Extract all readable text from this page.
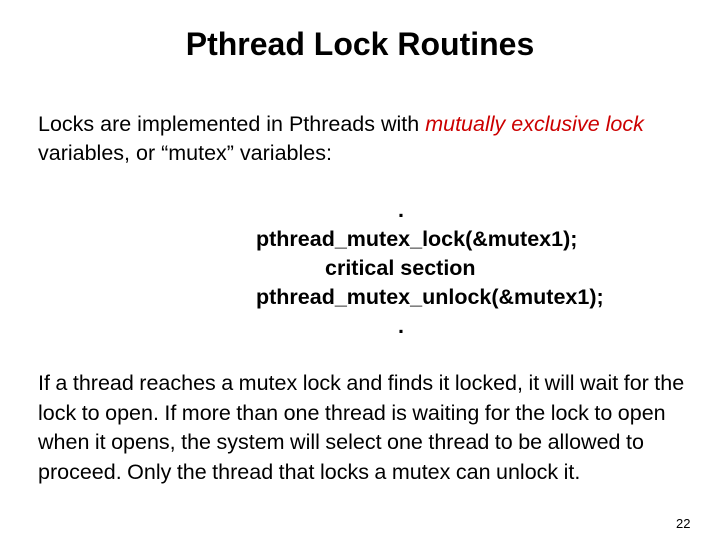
Pthread Lock Routines
Locks are implemented in Pthreads with mutually exclusive lock variables, or “mutex” variables:
.
pthread_mutex_lock(&mutex1);
critical section
pthread_mutex_unlock(&mutex1);
.
If a thread reaches a mutex lock and finds it locked, it will wait for the lock to open. If more than one thread is waiting for the lock to open when it opens, the system will select one thread to be allowed to proceed. Only the thread that locks a mutex can unlock it.
22
